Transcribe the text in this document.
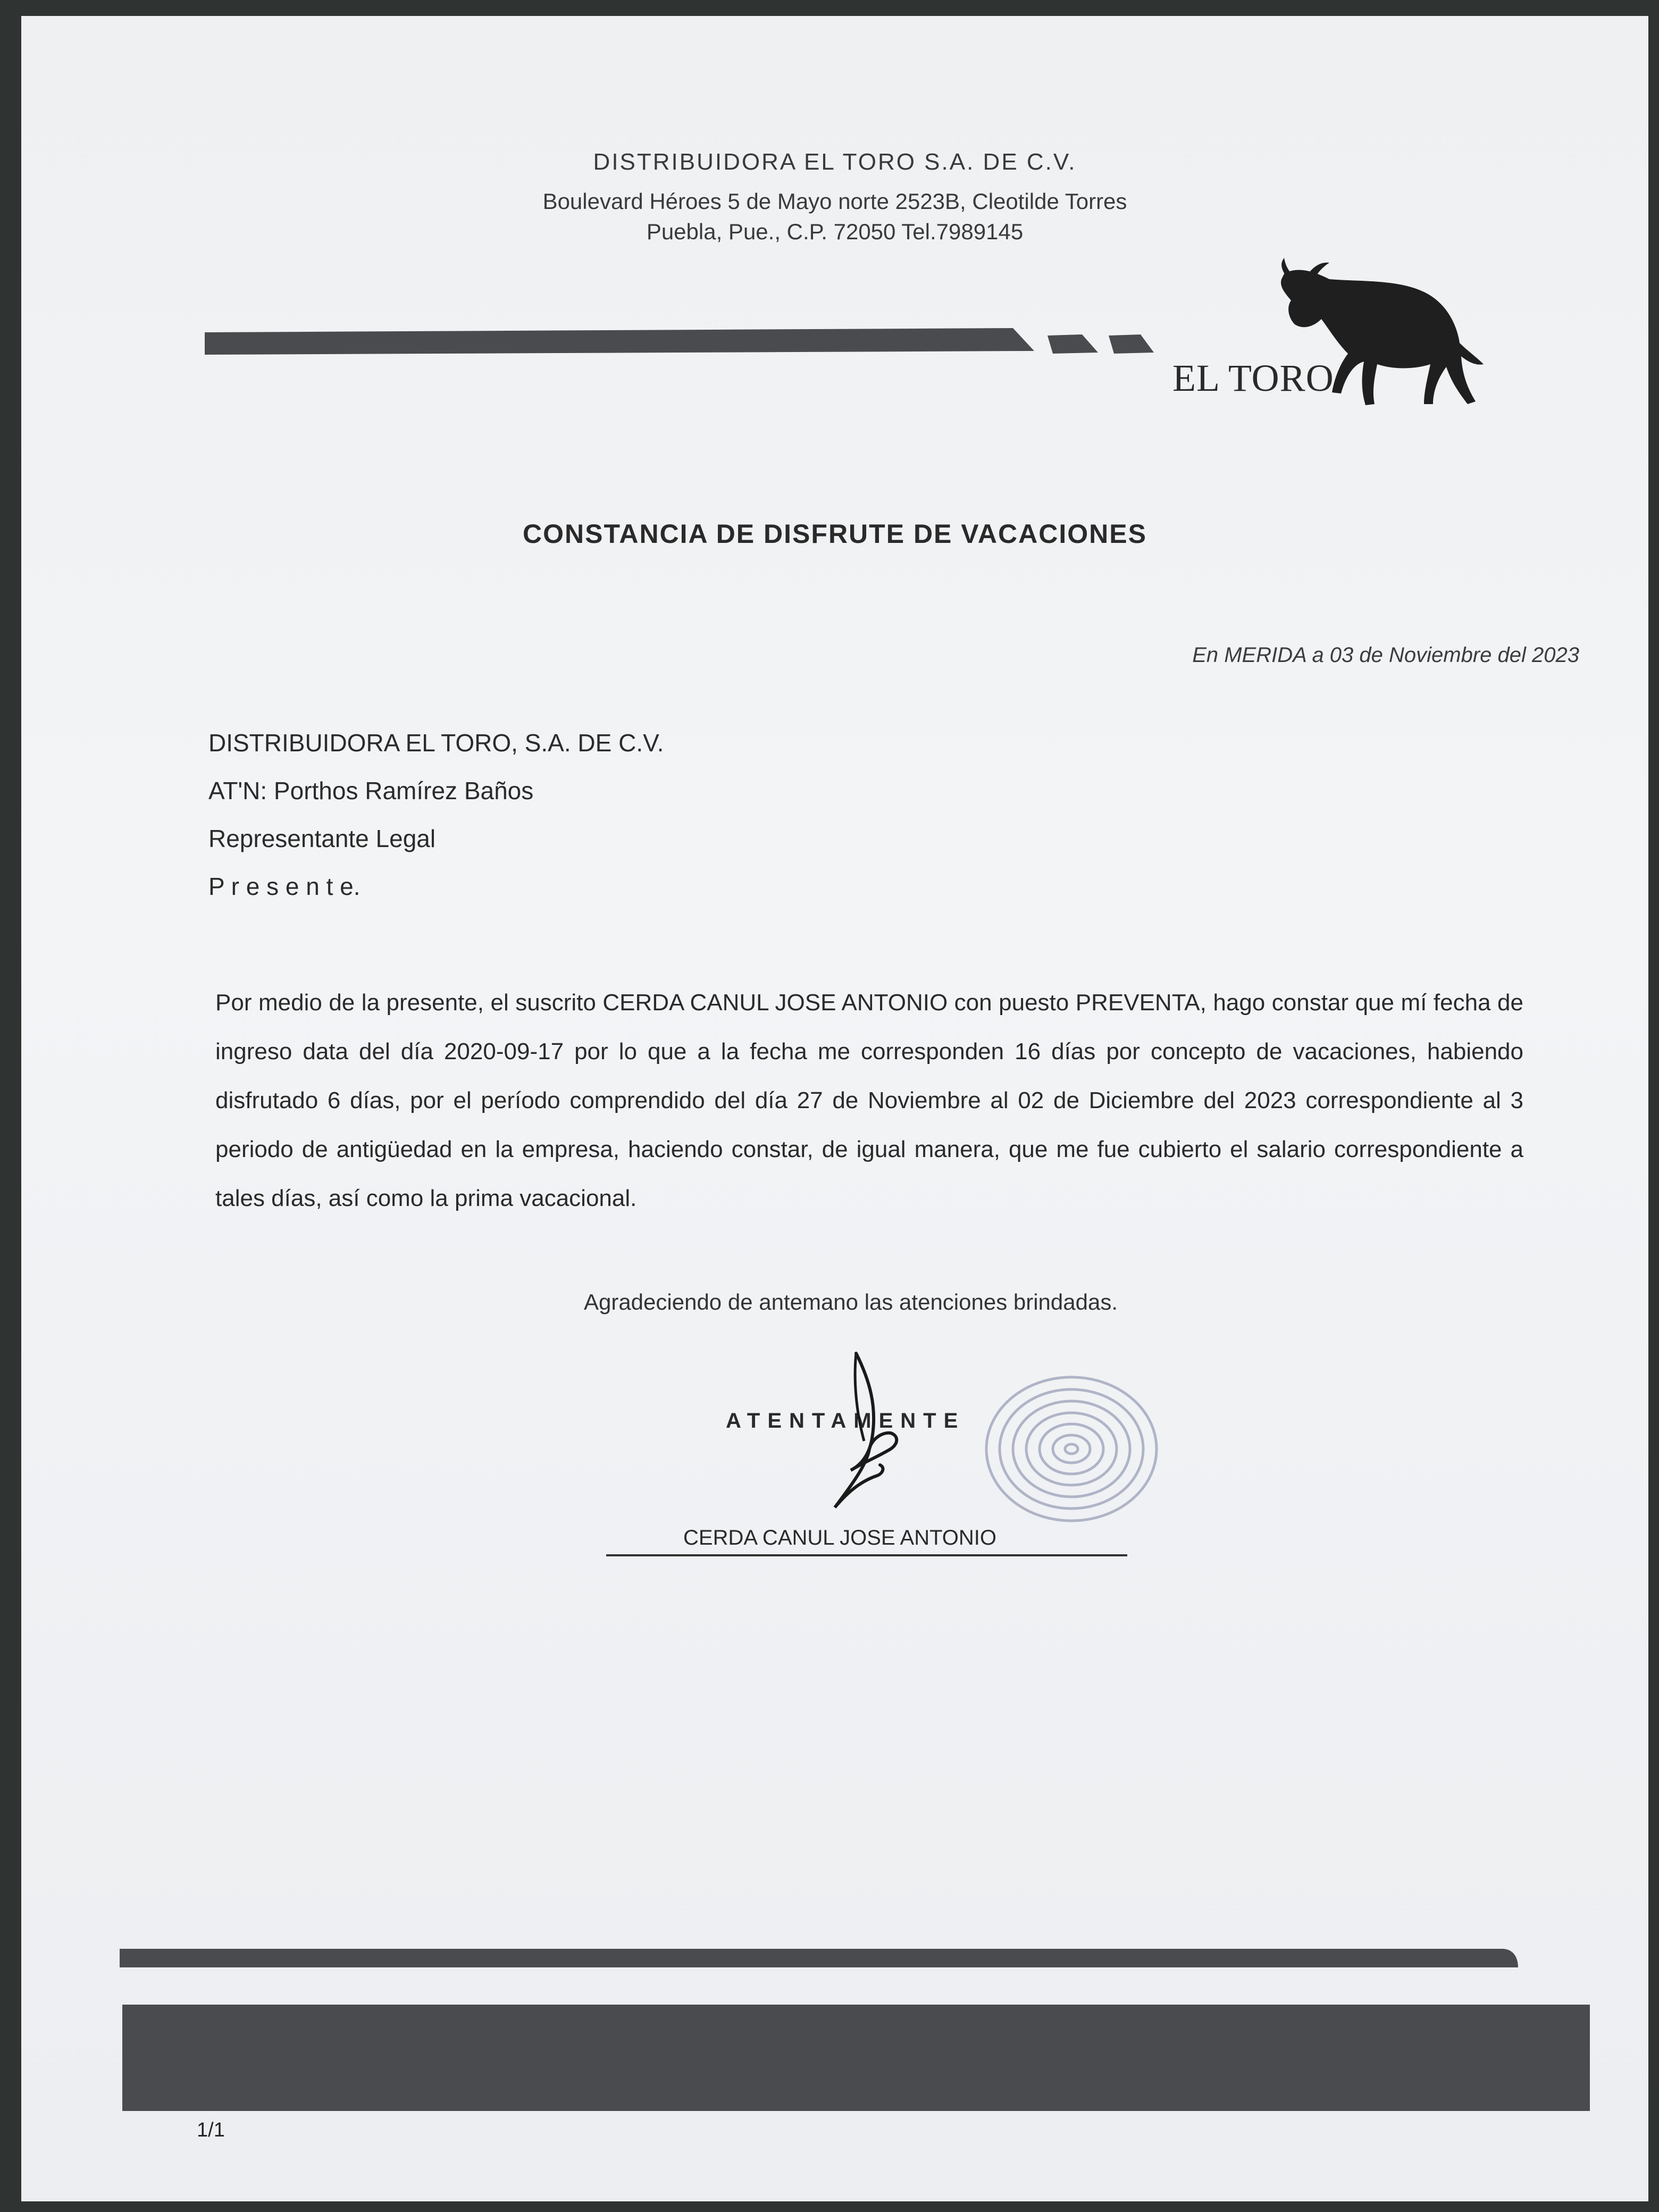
DISTRIBUIDORA EL TORO S.A. DE C.V.
Boulevard Héroes 5 de Mayo norte 2523B, Cleotilde Torres
Puebla, Pue., C.P. 72050 Tel.7989145
EL TORO
CONSTANCIA DE DISFRUTE DE VACACIONES
En MERIDA a 03 de Noviembre del 2023
DISTRIBUIDORA EL TORO, S.A. DE C.V.
AT'N: Porthos Ramírez Baños
Representante Legal
P r e s e n t e.
Por medio de la presente, el suscrito CERDA CANUL JOSE ANTONIO con puesto PREVENTA, hago constar que mí fecha de ingreso data del día 2020-09-17 por lo que a la fecha me corresponden 16 días por concepto de vacaciones, habiendo disfrutado 6 días, por el período comprendido del día 27 de Noviembre al 02 de Diciembre del 2023 correspondiente al 3 periodo de antigüedad en la empresa, haciendo constar, de igual manera, que me fue cubierto el salario correspondiente a tales días, así como la prima vacacional.
Agradeciendo de antemano las atenciones brindadas.
ATENTAMENTE
CERDA CANUL JOSE ANTONIO
1/1
